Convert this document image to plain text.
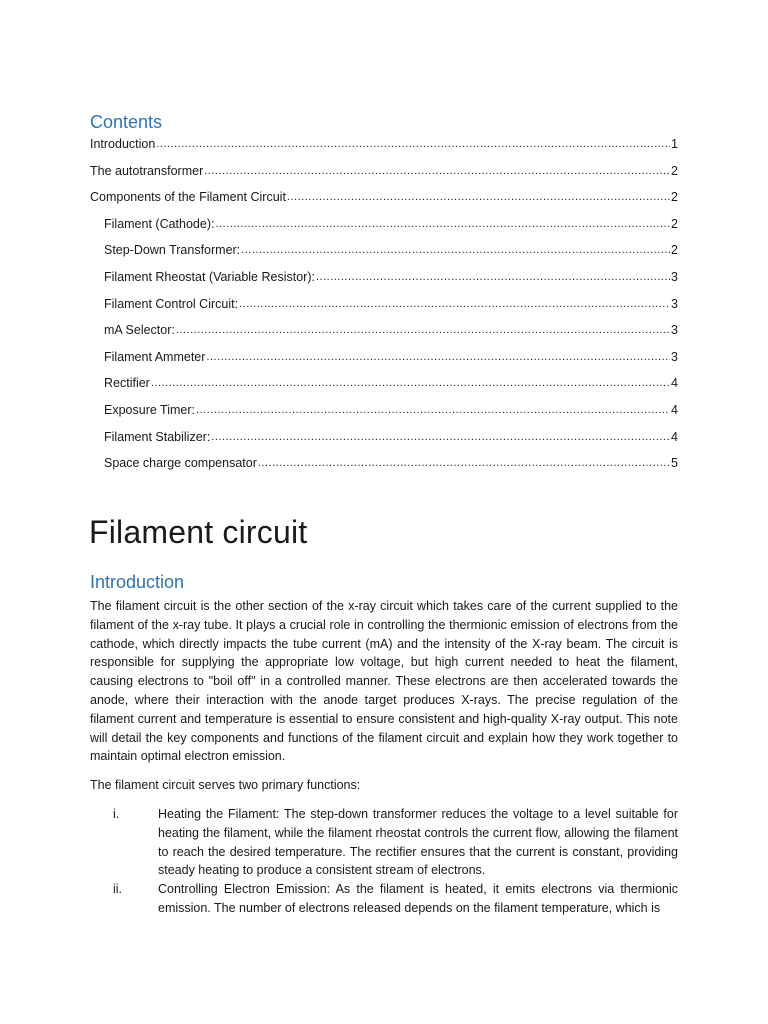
Contents
Introduction .....	1
The autotransformer .....	2
Components of the Filament Circuit .....	2
Filament (Cathode): .....	2
Step-Down Transformer: .....	2
Filament Rheostat (Variable Resistor): .....	3
Filament Control Circuit: .....	3
mA Selector: .....	3
Filament Ammeter .....	3
Rectifier .....	4
Exposure Timer: .....	4
Filament Stabilizer: .....	4
Space charge compensator .....	5
Filament circuit
Introduction

The filament circuit is the other section of the x-ray circuit which takes care of the current supplied to the filament of the x-ray tube. It plays a crucial role in controlling the thermionic emission of electrons from the cathode, which directly impacts the tube current (mA) and the intensity of the X-ray beam. The circuit is responsible for supplying the appropriate low voltage, but high current needed to heat the filament, causing electrons to "boil off" in a controlled manner. These electrons are then accelerated towards the anode, where their interaction with the anode target produces X-rays. The precise regulation of the filament current and temperature is essential to ensure consistent and high-quality X-ray output. This note will detail the key components and functions of the filament circuit and explain how they work together to maintain optimal electron emission.

The filament circuit serves two primary functions:

i.	Heating the Filament: The step-down transformer reduces the voltage to a level suitable for heating the filament, while the filament rheostat controls the current flow, allowing the filament to reach the desired temperature. The rectifier ensures that the current is constant, providing steady heating to produce a consistent stream of electrons.
ii.	Controlling Electron Emission: As the filament is heated, it emits electrons via thermionic emission. The number of electrons released depends on the filament temperature, which is
